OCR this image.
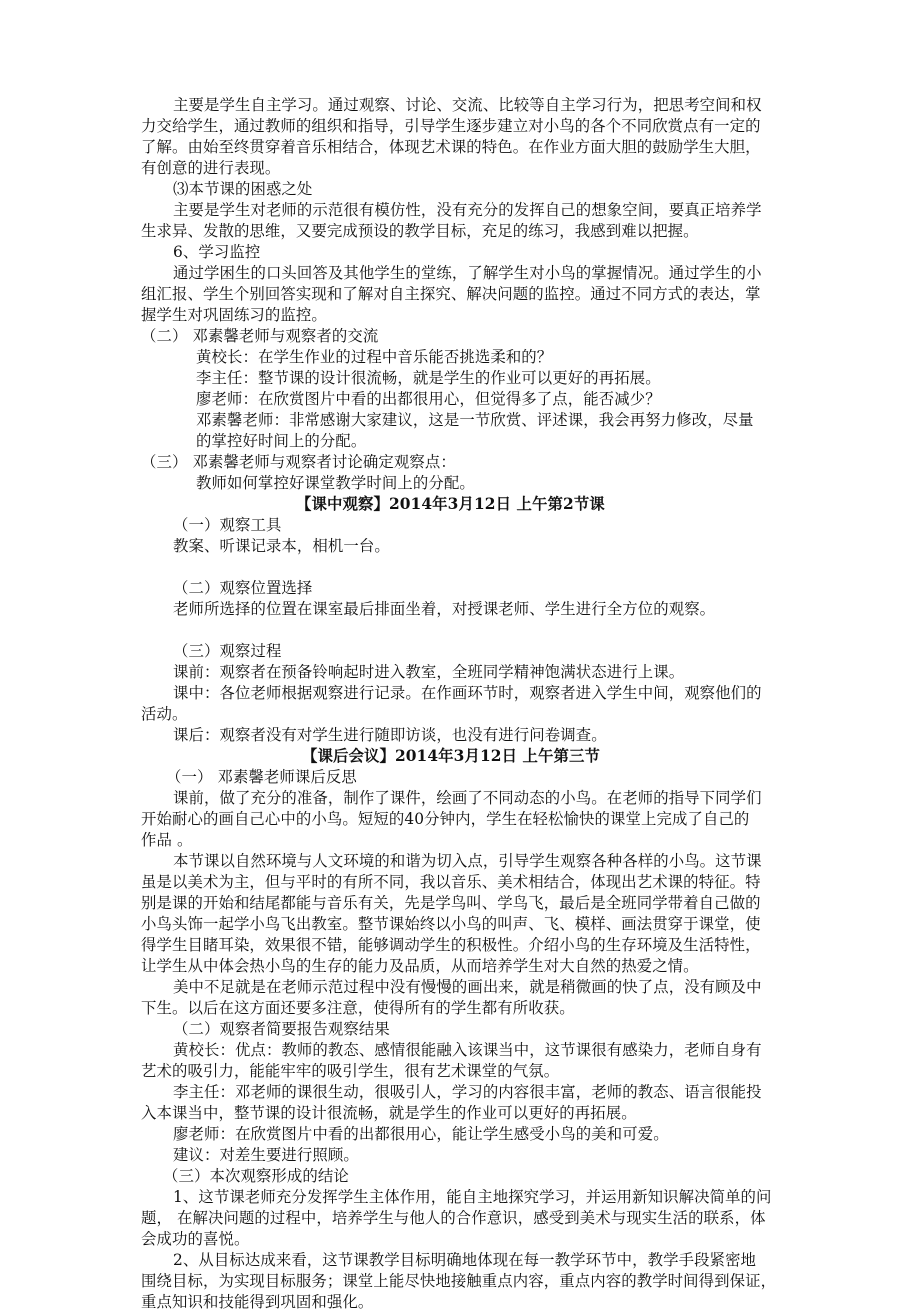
主要是学生自主学习。通过观察、讨论、交流、比较等自主学习行为，把思考空间和权

力交给学生，通过教师的组织和指导，引导学生逐步建立对小鸟的各个不同欣赏点有一定的

了解。由始至终贯穿着音乐相结合，体现艺术课的特色。在作业方面大胆的鼓励学生大胆，

有创意的进行表现。

⑶本节课的困惑之处

主要是学生对老师的示范很有模仿性，没有充分的发挥自己的想象空间，要真正培养学

生求异、发散的思维，又要完成预设的教学目标，充足的练习，我感到难以把握。

6、学习监控

通过学困生的口头回答及其他学生的堂练，了解学生对小鸟的掌握情况。通过学生的小

组汇报、学生个别回答实现和了解对自主探究、解决问题的监控。通过不同方式的表达，掌

握学生对巩固练习的监控。

（二） 邓素馨老师与观察者的交流

黄校长：在学生作业的过程中音乐能否挑选柔和的？

李主任：整节课的设计很流畅，就是学生的作业可以更好的再拓展。

廖老师：在欣赏图片中看的出都很用心，但觉得多了点，能否减少？

邓素馨老师：非常感谢大家建议，这是一节欣赏、评述课，我会再努力修改，尽量

的掌控好时间上的分配。

（三） 邓素馨老师与观察者讨论确定观察点：

教师如何掌控好课堂教学时间上的分配。

【课中观察】2014年3月12日 上午第2节课

（一）观察工具

教案、听课记录本，相机一台。

（二）观察位置选择

老师所选择的位置在课室最后排面坐着，对授课老师、学生进行全方位的观察。

（三）观察过程

课前：观察者在预备铃响起时进入教室，全班同学精神饱满状态进行上课。

课中：各位老师根据观察进行记录。在作画环节时，观察者进入学生中间，观察他们的

活动。

课后：观察者没有对学生进行随即访谈，也没有进行问卷调查。

【课后会议】2014年3月12日 上午第三节

（一） 邓素馨老师课后反思

课前，做了充分的准备，制作了课件，绘画了不同动态的小鸟。在老师的指导下同学们

开始耐心的画自己心中的小鸟。短短的40分钟内，学生在轻松愉快的课堂上完成了自己的

作品 。

本节课以自然环境与人文环境的和谐为切入点，引导学生观察各种各样的小鸟。这节课

虽是以美术为主，但与平时的有所不同，我以音乐、美术相结合，体现出艺术课的特征。特

别是课的开始和结尾都能与音乐有关，先是学鸟叫、学鸟飞，最后是全班同学带着自己做的

小鸟头饰一起学小鸟飞出教室。整节课始终以小鸟的叫声、飞、模样、画法贯穿于课堂，使

得学生目睹耳染，效果很不错，能够调动学生的积极性。介绍小鸟的生存环境及生活特性，

让学生从中体会热小鸟的生存的能力及品质，从而培养学生对大自然的热爱之情。

美中不足就是在老师示范过程中没有慢慢的画出来，就是稍微画的快了点，没有顾及中

下生。以后在这方面还要多注意，使得所有的学生都有所收获。

（二）观察者简要报告观察结果

黄校长：优点：教师的教态、感情很能融入该课当中，这节课很有感染力，老师自身有

艺术的吸引力，能能牢牢的吸引学生，很有艺术课堂的气氛。

李主任：邓老师的课很生动，很吸引人，学习的内容很丰富，老师的教态、语言很能投

入本课当中，整节课的设计很流畅，就是学生的作业可以更好的再拓展。

廖老师：在欣赏图片中看的出都很用心，能让学生感受小鸟的美和可爱。

建议：对差生要进行照顾。

（三）本次观察形成的结论

1、这节课老师充分发挥学生主体作用，能自主地探究学习，并运用新知识解决简单的问

题， 在解决问题的过程中，培养学生与他人的合作意识，感受到美术与现实生活的联系，体

会成功的喜悦。

2、从目标达成来看，这节课教学目标明确地体现在每一教学环节中，教学手段紧密地

围绕目标，为实现目标服务；课堂上能尽快地接触重点内容，重点内容的教学时间得到保证，

重点知识和技能得到巩固和强化。
